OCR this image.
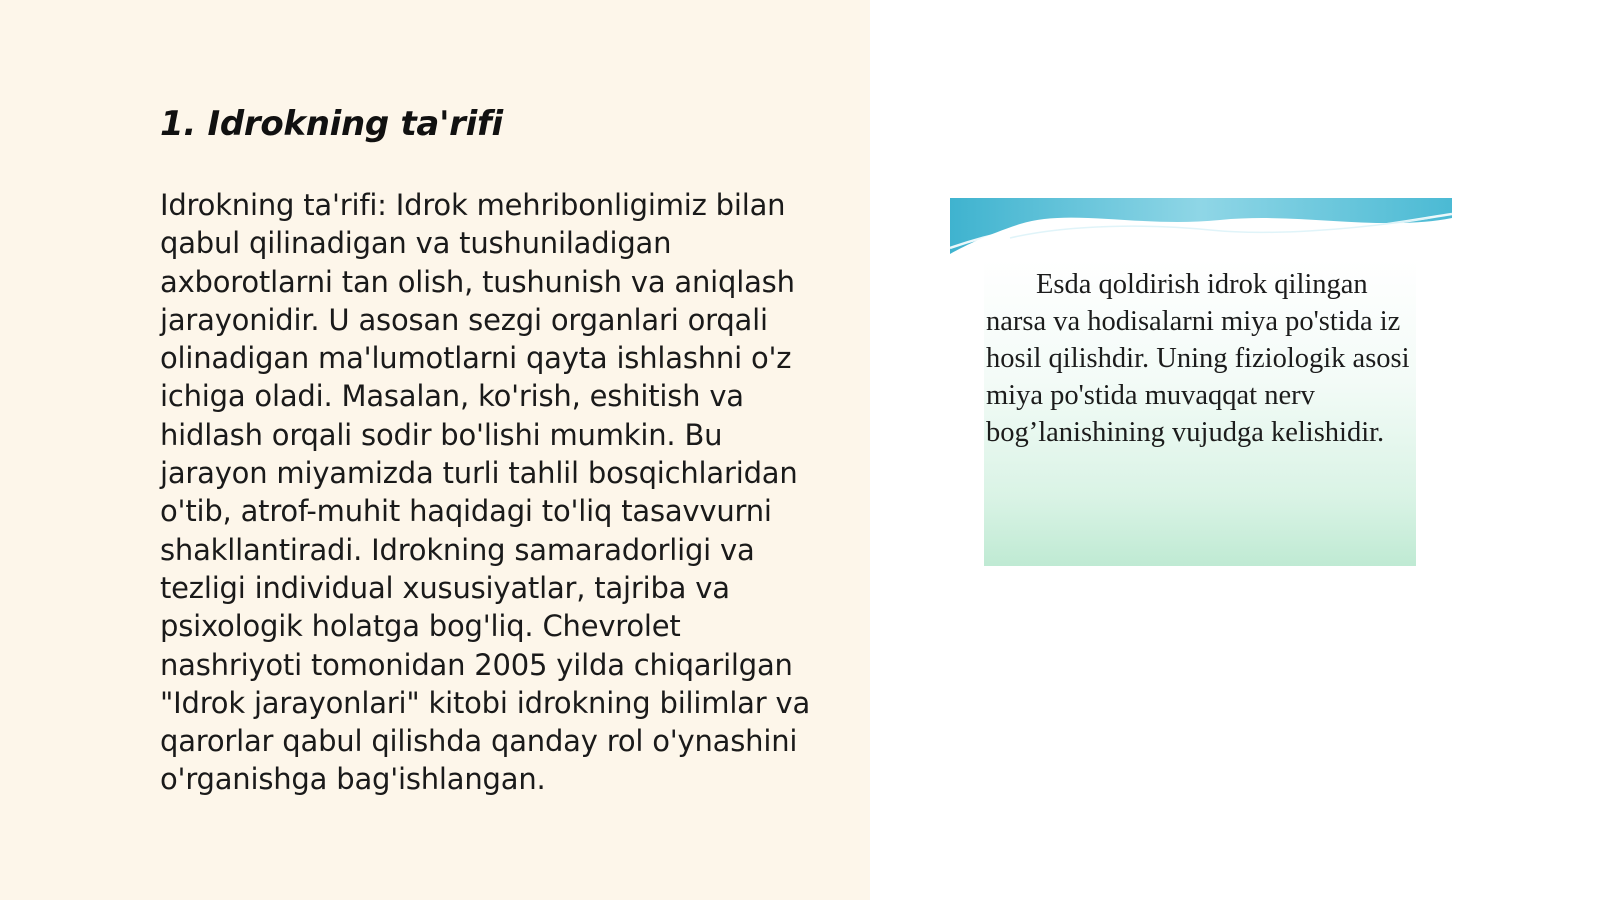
1. Idrokning ta'rifi

Idrokning ta'rifi: Idrok mehribonligimiz bilan qabul qilinadigan va tushuniladigan axborotlarni tan olish, tushunish va aniqlash jarayonidir. U asosan sezgi organlari orqali olinadigan ma'lumotlarni qayta ishlashni o'z ichiga oladi. Masalan, ko'rish, eshitish va hidlash orqali sodir bo'lishi mumkin. Bu jarayon miyamizda turli tahlil bosqichlaridan o'tib, atrof-muhit haqidagi to'liq tasavvurni shakllantiradi. Idrokning samaradorligi va tezligi individual xususiyatlar, tajriba va psixologik holatga bog'liq. Chevrolet nashriyoti tomonidan 2005 yilda chiqarilgan "Idrok jarayonlari" kitobi idrokning bilimlar va qarorlar qabul qilishda qanday rol o'ynashini o'rganishga bag'ishlangan.

Esda qoldirish idrok qilingan narsa va hodisalarni miya po'stida iz hosil qilishdir. Uning fiziologik asosi miya po'stida muvaqqat nerv bog’lanishining vujudga kelishidir.
